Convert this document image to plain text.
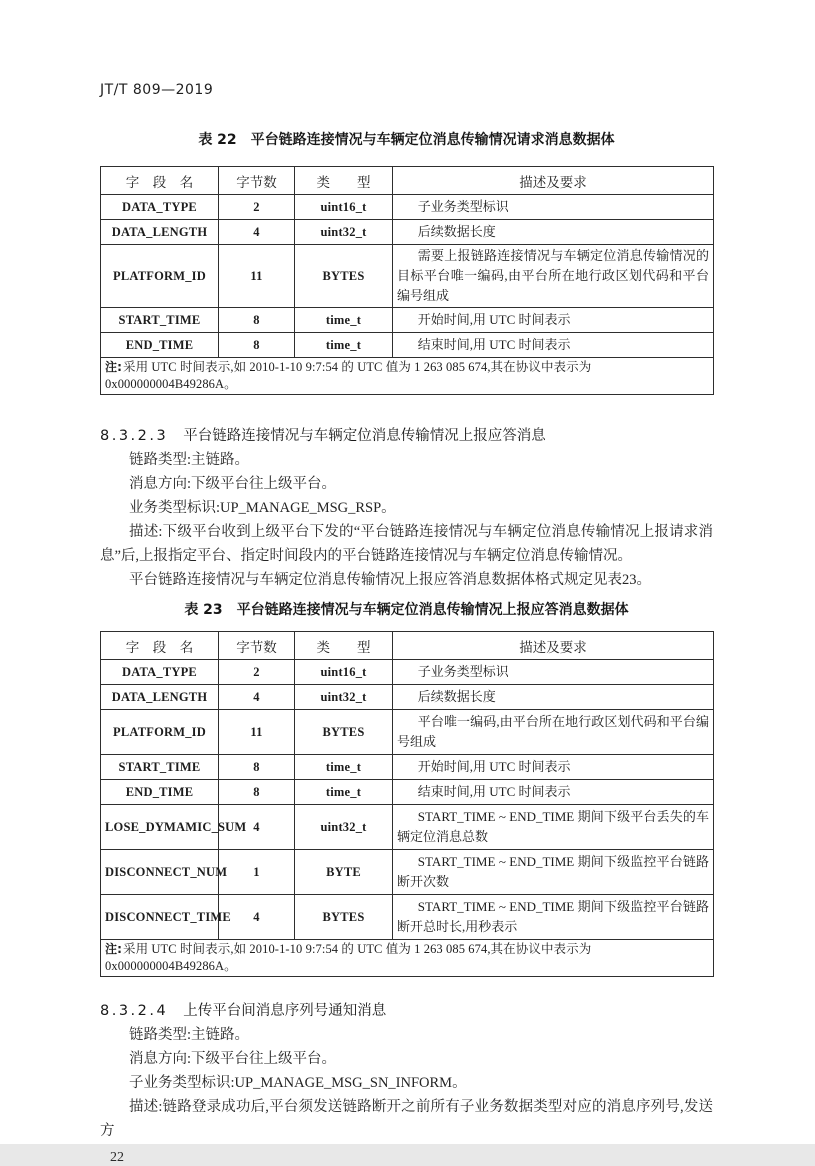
JT/T 809—2019
表 22 平台链路连接情况与车辆定位消息传输情况请求消息数据体
字　段　名	字节数	类　　型	描述及要求
DATA_TYPE	2	uint16_t	子业务类型标识
DATA_LENGTH	4	uint32_t	后续数据长度
PLATFORM_ID	11	BYTES	需要上报链路连接情况与车辆定位消息传输情况的目标平台唯一编码,由平台所在地行政区划代码和平台编号组成
START_TIME	8	time_t	开始时间,用 UTC 时间表示
END_TIME	8	time_t	结束时间,用 UTC 时间表示
注:采用 UTC 时间表示,如 2010-1-10 9:7:54 的 UTC 值为 1 263 085 674,其在协议中表示为 0x000000004B49286A。			

8.3.2.3 平台链路连接情况与车辆定位消息传输情况上报应答消息

链路类型:主链路。

消息方向:下级平台往上级平台。

业务类型标识:UP_MANAGE_MSG_RSP。

描述:下级平台收到上级平台下发的“平台链路连接情况与车辆定位消息传输情况上报请求消息”后,上报指定平台、指定时间段内的平台链路连接情况与车辆定位消息传输情况。

平台链路连接情况与车辆定位消息传输情况上报应答消息数据体格式规定见表23。

表 23 平台链路连接情况与车辆定位消息传输情况上报应答消息数据体
字　段　名	字节数	类　　型	描述及要求
DATA_TYPE	2	uint16_t	子业务类型标识
DATA_LENGTH	4	uint32_t	后续数据长度
PLATFORM_ID	11	BYTES	平台唯一编码,由平台所在地行政区划代码和平台编号组成
START_TIME	8	time_t	开始时间,用 UTC 时间表示
END_TIME	8	time_t	结束时间,用 UTC 时间表示
LOSE_DYMAMIC_SUM	4	uint32_t	START_TIME ~ END_TIME 期间下级平台丢失的车辆定位消息总数
DISCONNECT_NUM	1	BYTE	START_TIME ~ END_TIME 期间下级监控平台链路断开次数
DISCONNECT_TIME	4	BYTES	START_TIME ~ END_TIME 期间下级监控平台链路断开总时长,用秒表示
注:采用 UTC 时间表示,如 2010-1-10 9:7:54 的 UTC 值为 1 263 085 674,其在协议中表示为 0x000000004B49286A。			

8.3.2.4 上传平台间消息序列号通知消息

链路类型:主链路。

消息方向:下级平台往上级平台。

子业务类型标识:UP_MANAGE_MSG_SN_INFORM。

描述:链路登录成功后,平台须发送链路断开之前所有子业务数据类型对应的消息序列号,发送方

22
